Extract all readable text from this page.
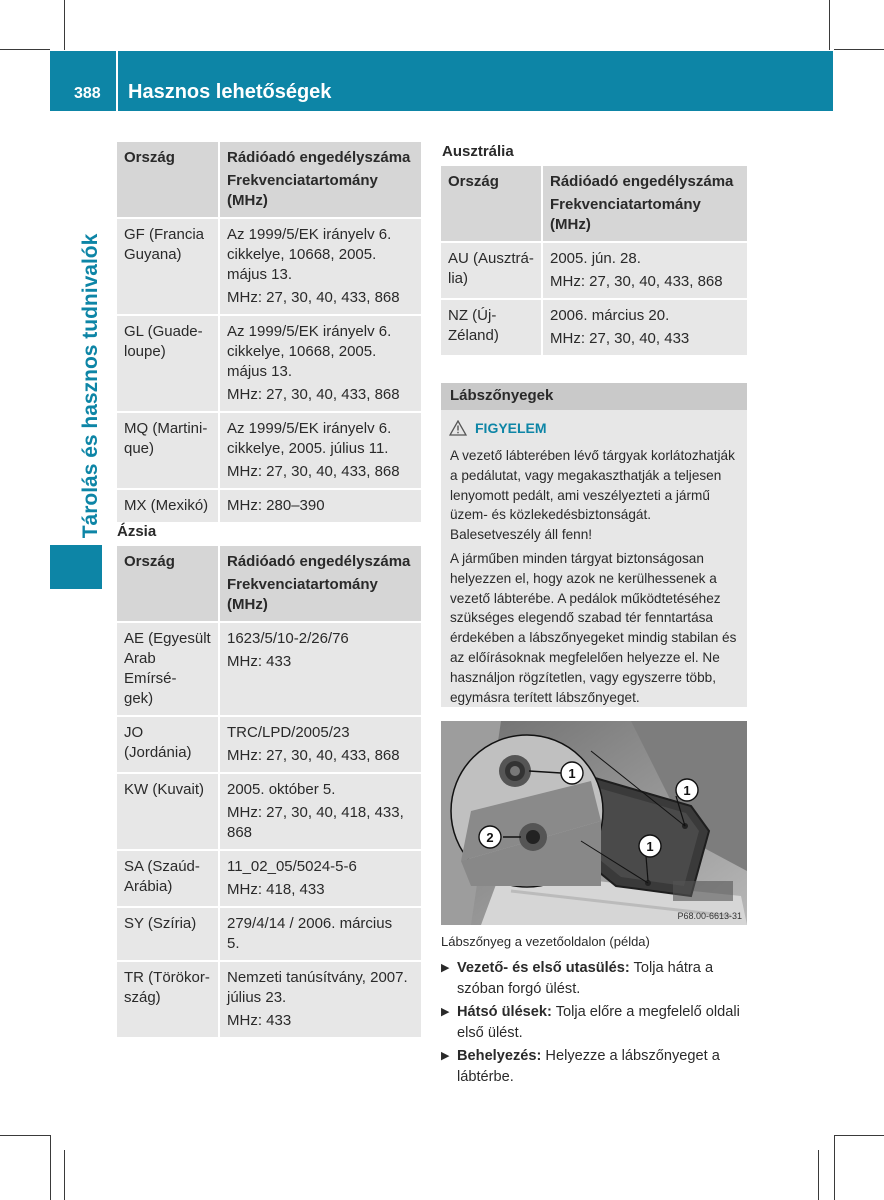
388 Hasznos lehetőségek
Tárolás és hasznos tudnivalók
Ország	Rádióadó engedélyszáma
Frekvenciatartomány
(MHz)

GF (Francia
Guyana)	Az 1999/5/EK irányelv 6.
cikkelye, 10668, 2005.
május 13.
MHz: 27, 30, 40, 433, 868

GL (Guade-
loupe)	Az 1999/5/EK irányelv 6.
cikkelye, 10668, 2005.
május 13.
MHz: 27, 30, 40, 433, 868

MQ (Martini-
que)	Az 1999/5/EK irányelv 6.
cikkelye, 2005. július 11.
MHz: 27, 30, 40, 433, 868

MX (Mexikó)	MHz: 280–390
Ázsia
Ország	Rádióadó engedélyszáma
Frekvenciatartomány
(MHz)

AE (Egyesült
Arab Emírsé-
gek)	1623/5/10-2/26/76
MHz: 433

JO (Jordánia)	TRC/LPD/2005/23
MHz: 27, 30, 40, 433, 868

KW (Kuvait)	2005. október 5.
MHz: 27, 30, 40, 418, 433, 868

SA (Szaúd-
Arábia)	11_02_05/5024-5-6
MHz: 418, 433

SY (Szíria)	279/4/14 / 2006. március
5.

TR (Törökor-
szág)	Nemzeti tanúsítvány, 2007.
július 23.
MHz: 433
Ausztrália
Ország	Rádióadó engedélyszáma
Frekvenciatartomány
(MHz)

AU (Ausztrá-
lia)	2005. jún. 28.
MHz: 27, 30, 40, 433, 868

NZ (Új-
Zéland)	2006. március 20.
MHz: 27, 30, 40, 433
Lábszőnyegek
FIGYELEM

A vezető lábterében lévő tárgyak korlátozhatják a pedálutat, vagy megakaszthatják a teljesen lenyomott pedált, ami veszélyezteti a jármű üzem- és közlekedésbiztonságát. Balesetveszély áll fenn!

A járműben minden tárgyat biztonságosan helyezzen el, hogy azok ne kerülhessenek a vezető lábterébe. A pedálok működtetéséhez szükséges elegendő szabad tér fenntartása érdekében a lábszőnyegeket mindig stabilan és az előírásoknak megfelelően helyezze el. Ne használjon rögzítetlen, vagy egyszerre több, egymásra terített lábszőnyeget.

1
2
1
1
P68.00-6613-31
Lábszőnyeg a vezetőoldalon (példa)
▶ Vezető- és első utasülés: Tolja hátra a szóban forgó ülést.
▶ Hátsó ülések: Tolja előre a megfelelő oldali első ülést.
▶ Behelyezés: Helyezze a lábszőnyeget a lábtérbe.
